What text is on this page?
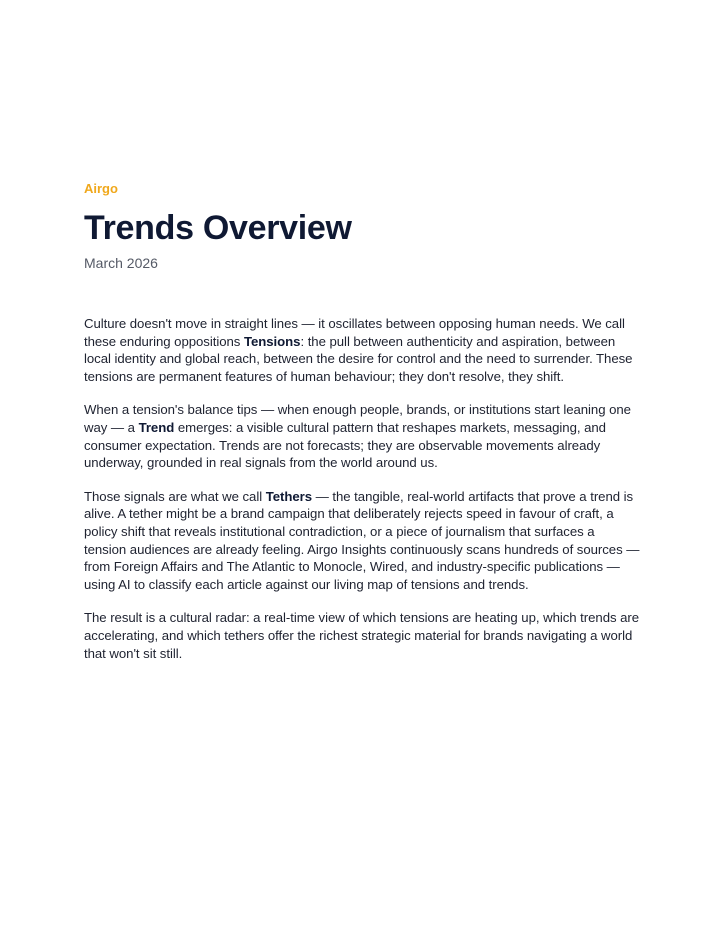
Airgo

Trends Overview

March 2026

Culture doesn't move in straight lines — it oscillates between opposing human needs. We call these enduring oppositions Tensions: the pull between authenticity and aspiration, between local identity and global reach, between the desire for control and the need to surrender. These tensions are permanent features of human behaviour; they don't resolve, they shift.

When a tension's balance tips — when enough people, brands, or institutions start leaning one way — a Trend emerges: a visible cultural pattern that reshapes markets, messaging, and consumer expectation. Trends are not forecasts; they are observable movements already underway, grounded in real signals from the world around us.

Those signals are what we call Tethers — the tangible, real-world artifacts that prove a trend is alive. A tether might be a brand campaign that deliberately rejects speed in favour of craft, a policy shift that reveals institutional contradiction, or a piece of journalism that surfaces a tension audiences are already feeling. Airgo Insights continuously scans hundreds of sources — from Foreign Affairs and The Atlantic to Monocle, Wired, and industry-specific publications — using AI to classify each article against our living map of tensions and trends.

The result is a cultural radar: a real-time view of which tensions are heating up, which trends are accelerating, and which tethers offer the richest strategic material for brands navigating a world that won't sit still.
